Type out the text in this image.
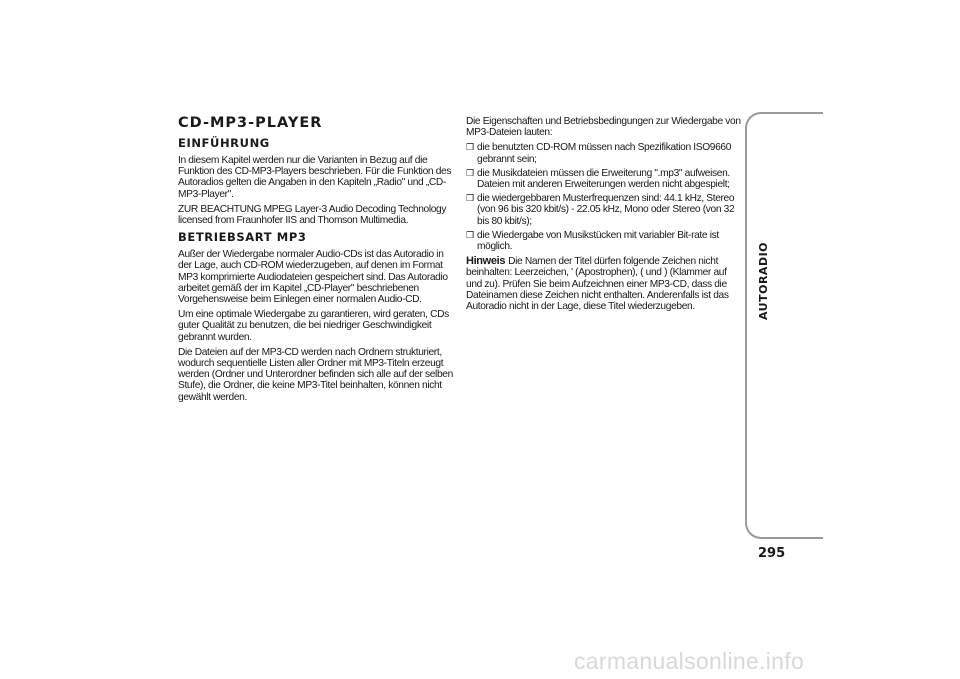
CD-MP3-PLAYER
EINFÜHRUNG

In diesem Kapitel werden nur die Varianten in Bezug auf die Funktion des CD-MP3-Players beschrieben. Für die Funktion des Autoradios gelten die Angaben in den Kapiteln „Radio" und „CD-MP3-Player".

ZUR BEACHTUNG MPEG Layer-3 Audio Decoding Technology licensed from Fraunhofer IIS and Thomson Multimedia.

BETRIEBSART MP3

Außer der Wiedergabe normaler Audio-CDs ist das Autoradio in der Lage, auch CD-ROM wiederzugeben, auf denen im Format MP3 komprimierte Audiodateien gespeichert sind. Das Autoradio arbeitet gemäß der im Kapitel „CD-Player" beschriebenen Vorgehensweise beim Einlegen einer normalen Audio-CD.

Um eine optimale Wiedergabe zu garantieren, wird geraten, CDs guter Qualität zu benutzen, die bei niedriger Geschwindigkeit gebrannt wurden.

Die Dateien auf der MP3-CD werden nach Ordnern strukturiert, wodurch sequentielle Listen aller Ordner mit MP3-Titeln erzeugt werden (Ordner und Unterordner befinden sich alle auf der selben Stufe), die Ordner, die keine MP3-Titel beinhalten, können nicht gewählt werden.

Die Eigenschaften und Betriebsbedingungen zur Wiedergabe von MP3-Dateien lauten:

❒ die benutzten CD-ROM müssen nach Spezifikation ISO9660 gebrannt sein;
❒ die Musikdateien müssen die Erweiterung ".mp3" aufweisen. Dateien mit anderen Erweiterungen werden nicht abgespielt;
❒ die wiedergebbaren Musterfrequenzen sind: 44.1 kHz, Stereo (von 96 bis 320 kbit/s) - 22.05 kHz, Mono oder Stereo (von 32 bis 80 kbit/s);
❒ die Wiedergabe von Musikstücken mit variabler Bit-rate ist möglich.

Hinweis Die Namen der Titel dürfen folgende Zeichen nicht beinhalten: Leerzeichen, ' (Apostrophen), ( und ) (Klammer auf und zu). Prüfen Sie beim Aufzeichnen einer MP3-CD, dass die Dateinamen diese Zeichen nicht enthalten. Anderenfalls ist das Autoradio nicht in der Lage, diese Titel wiederzugeben.	AUTORADIO
295
carmanualsonline.info
